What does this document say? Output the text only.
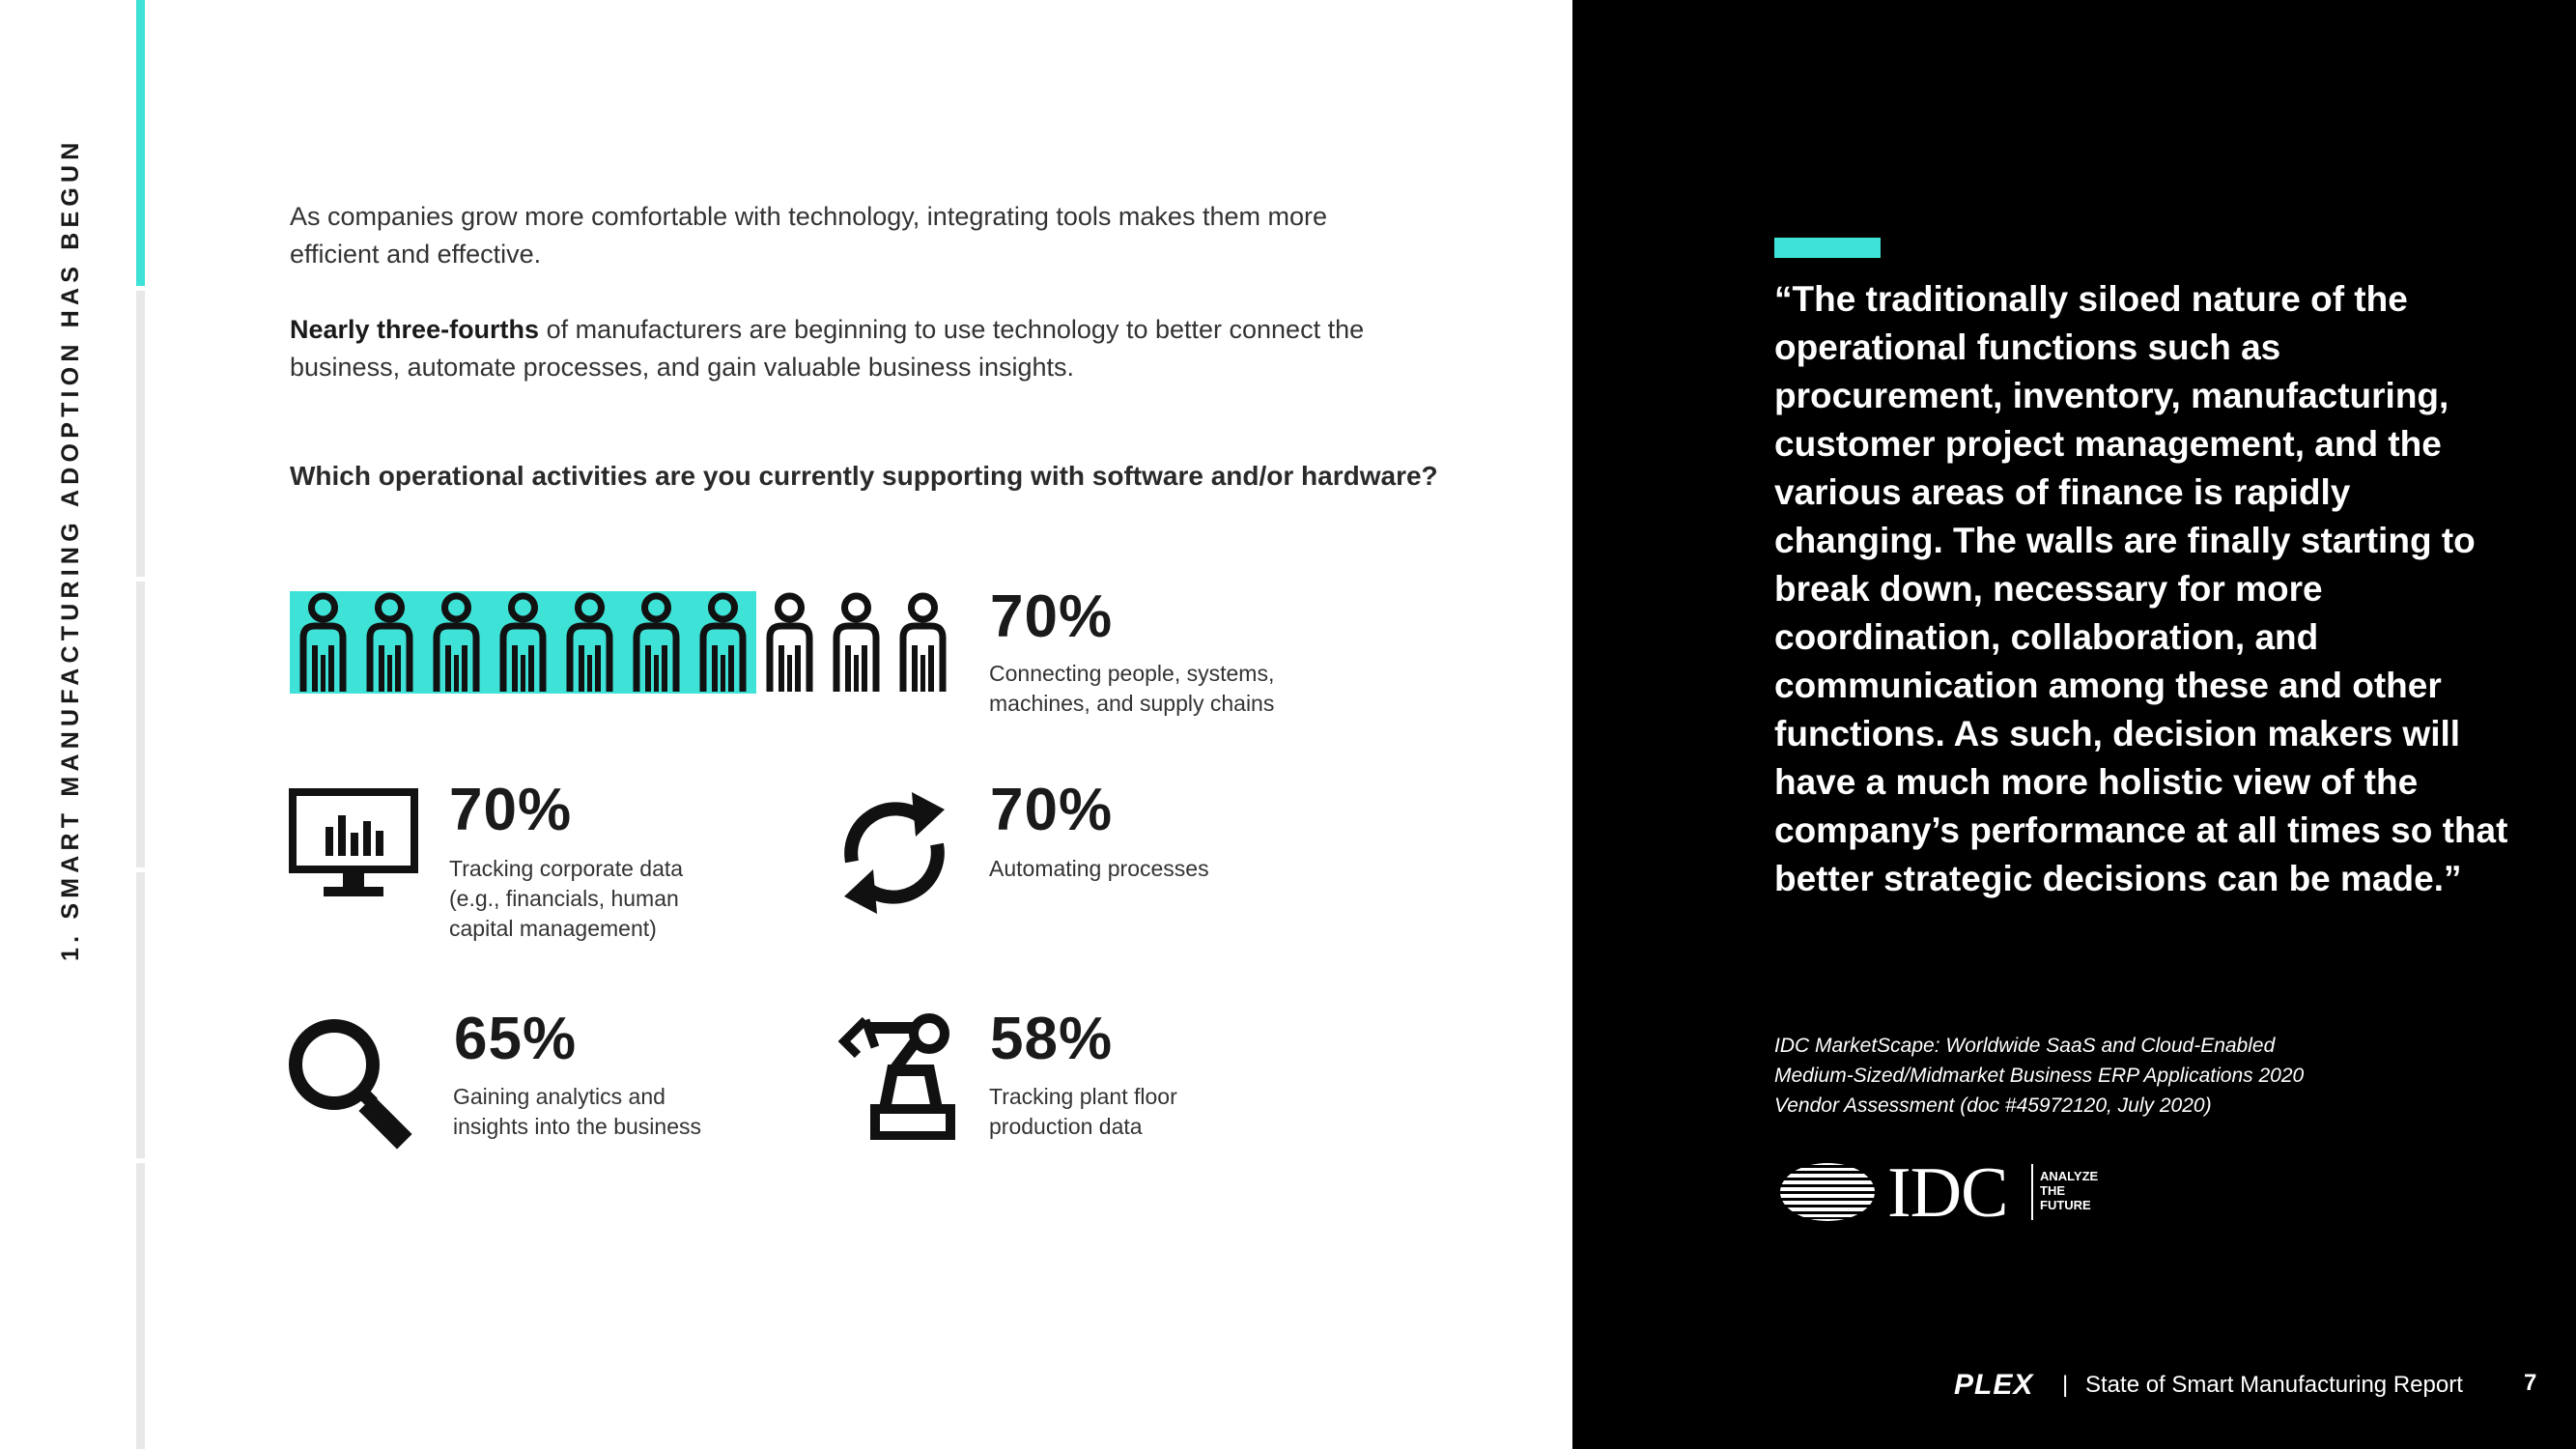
1. SMART MANUFACTURING ADOPTION HAS BEGUN	As companies grow more comfortable with technology, integrating tools makes them more efficient and effective.

Nearly three-fourths of manufacturers are beginning to use technology to better connect the business, automate processes, and gain valuable business insights.

Which operational activities are you currently supporting with software and/or hardware?

70%
Connecting people, systems,
machines, and supply chains
70%
Tracking corporate data
(e.g., financials, human
capital management)
70%
Automating processes
65%
Gaining analytics and
insights into the business
58%
Tracking plant floor
production data

“The traditionally siloed nature of the operational functions such as procurement, inventory, manufacturing, customer project management, and the various areas of finance is rapidly changing. The walls are finally starting to break down, necessary for more coordination, collaboration, and communication among these and other functions. As such, decision makers will have a much more holistic view of the company’s performance at all times so that better strategic decisions can be made.”

IDC MarketScape: Worldwide SaaS and Cloud-Enabled
Medium-Sized/Midmarket Business ERP Applications 2020
Vendor Assessment (doc #45972120, July 2020)
IDC	ANALYZE
THE
FUTURE
PLEX | State of Smart Manufacturing Report	7
